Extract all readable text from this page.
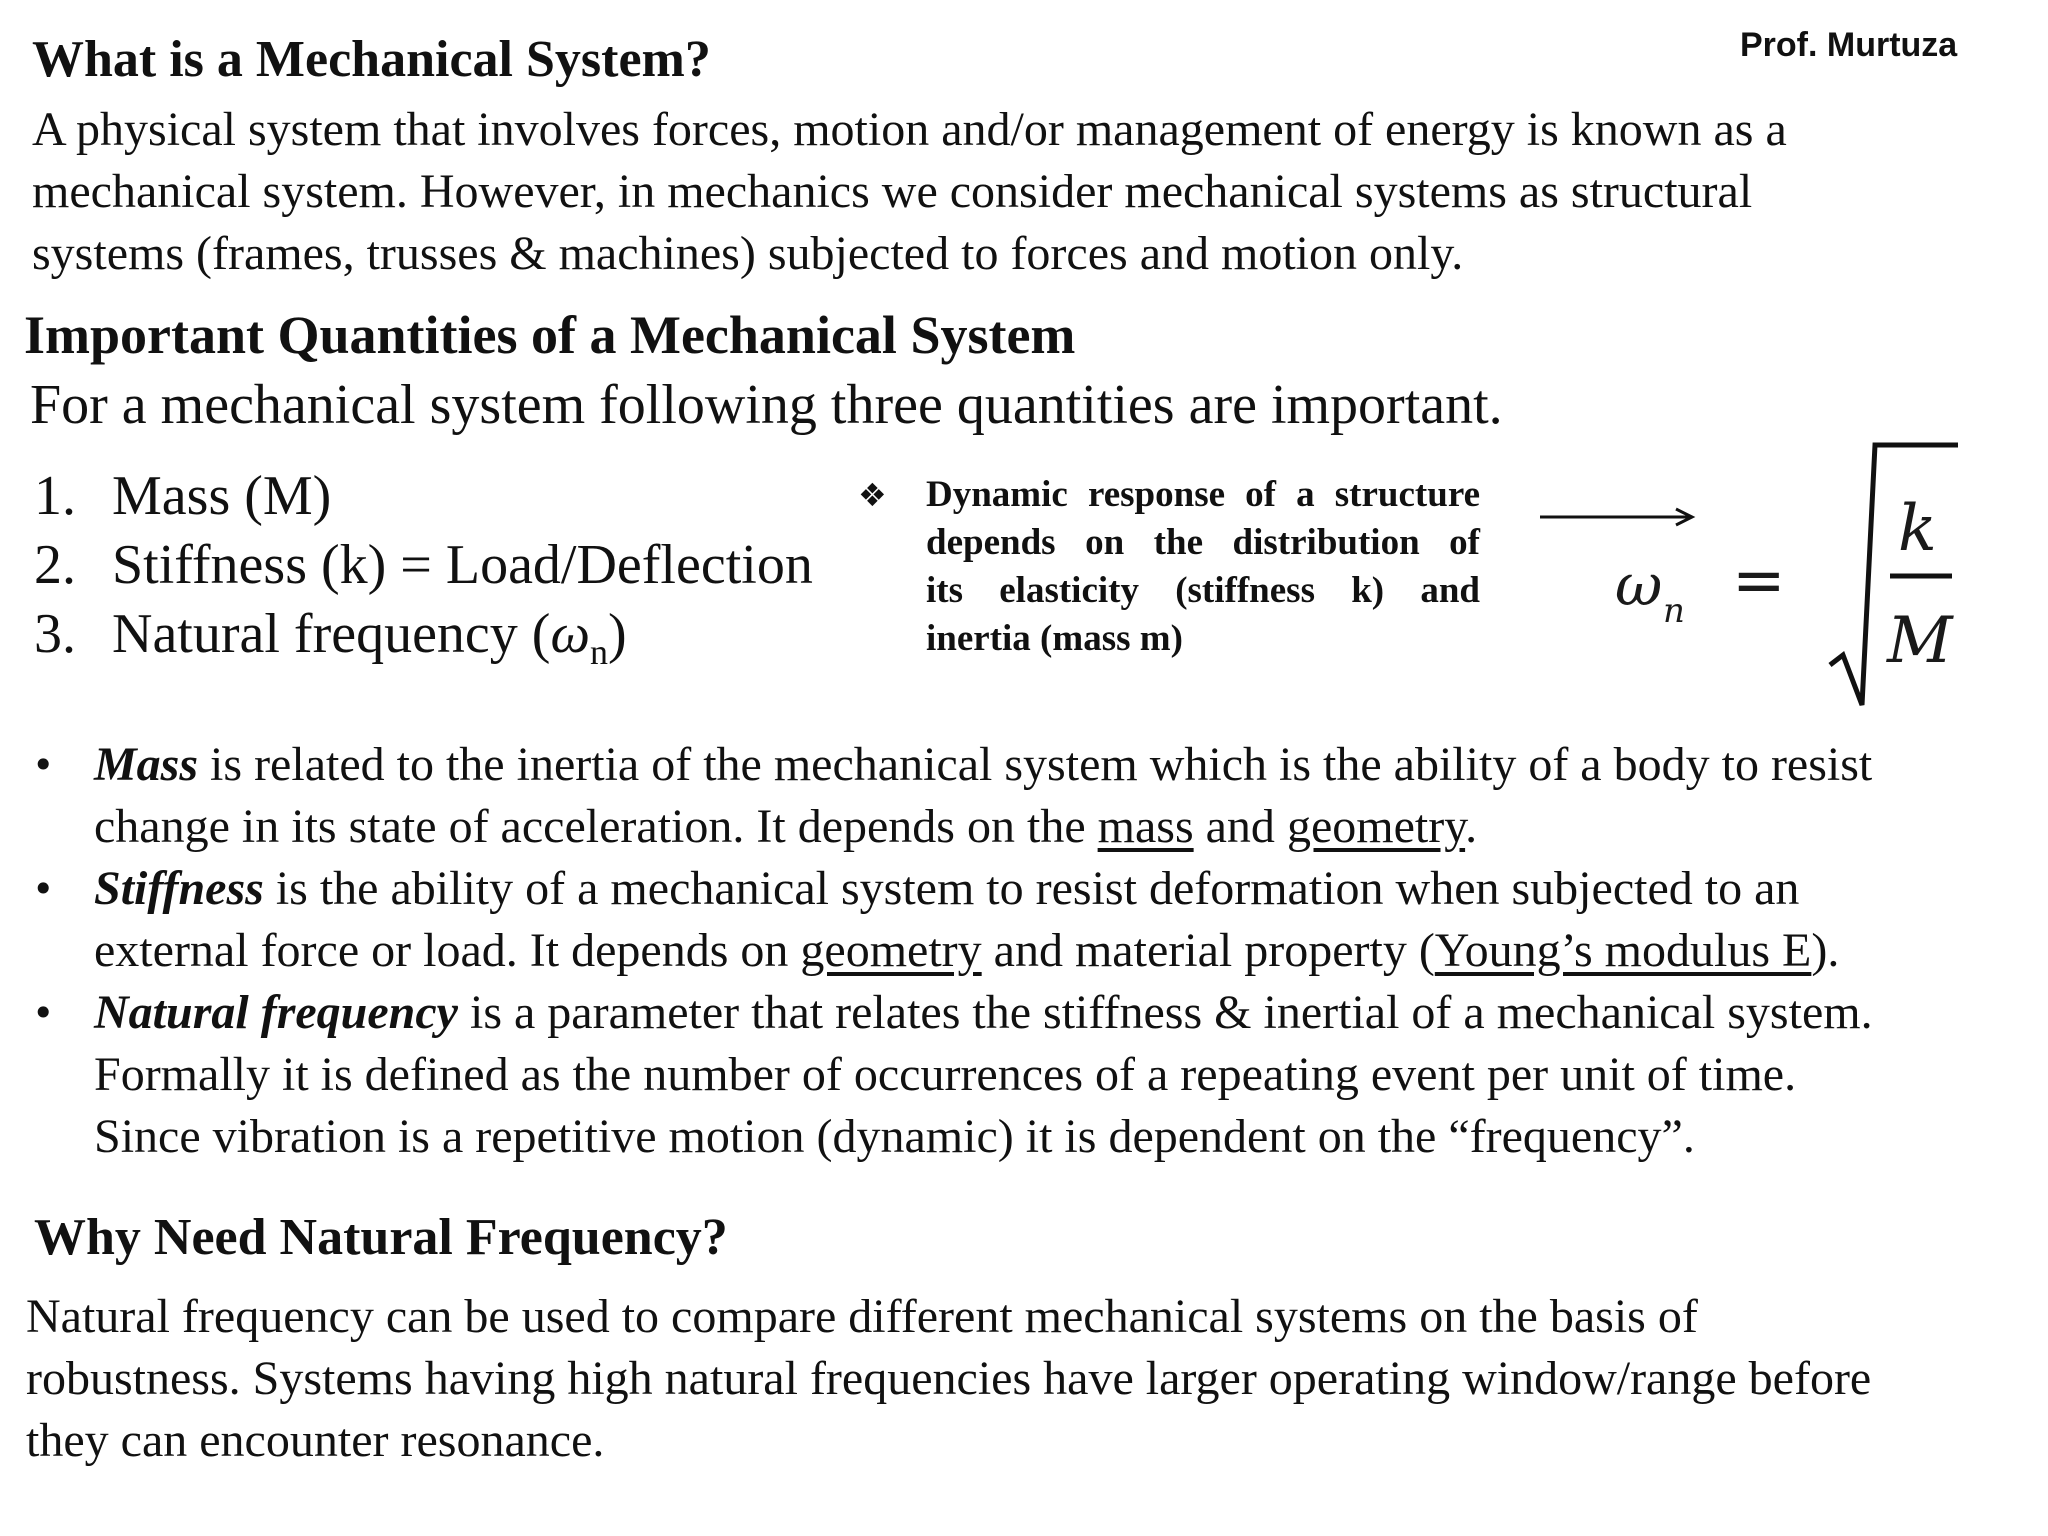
Prof. Murtuza
What is a Mechanical System?
A physical system that involves forces, motion and/or management of energy is known as a
mechanical system. However, in mechanics we consider mechanical systems as structural
systems (frames, trusses & machines) subjected to forces and motion only.
Important Quantities of a Mechanical System
For a mechanical system following three quantities are important.
1. Mass (M)
2. Stiffness (k) = Load/Deflection
3. Natural frequency $(\omega_n)$
❖ Dynamic response of a structure
depends on the distribution of
its elasticity (stiffness k) and
inertia (mass m)
ω n =
k
M
• Mass is related to the inertia of the mechanical system which is the ability of a body to resist
change in its state of acceleration. It depends on the mass and geometry.
• Stiffness is the ability of a mechanical system to resist deformation when subjected to an
external force or load. It depends on geometry and material property (Young’s modulus E).
• Natural frequency is a parameter that relates the stiffness & inertial of a mechanical system.
Formally it is defined as the number of occurrences of a repeating event per unit of time.
Since vibration is a repetitive motion (dynamic) it is dependent on the “frequency”.
Why Need Natural Frequency?
Natural frequency can be used to compare different mechanical systems on the basis of
robustness. Systems having high natural frequencies have larger operating window/range before
they can encounter resonance.
